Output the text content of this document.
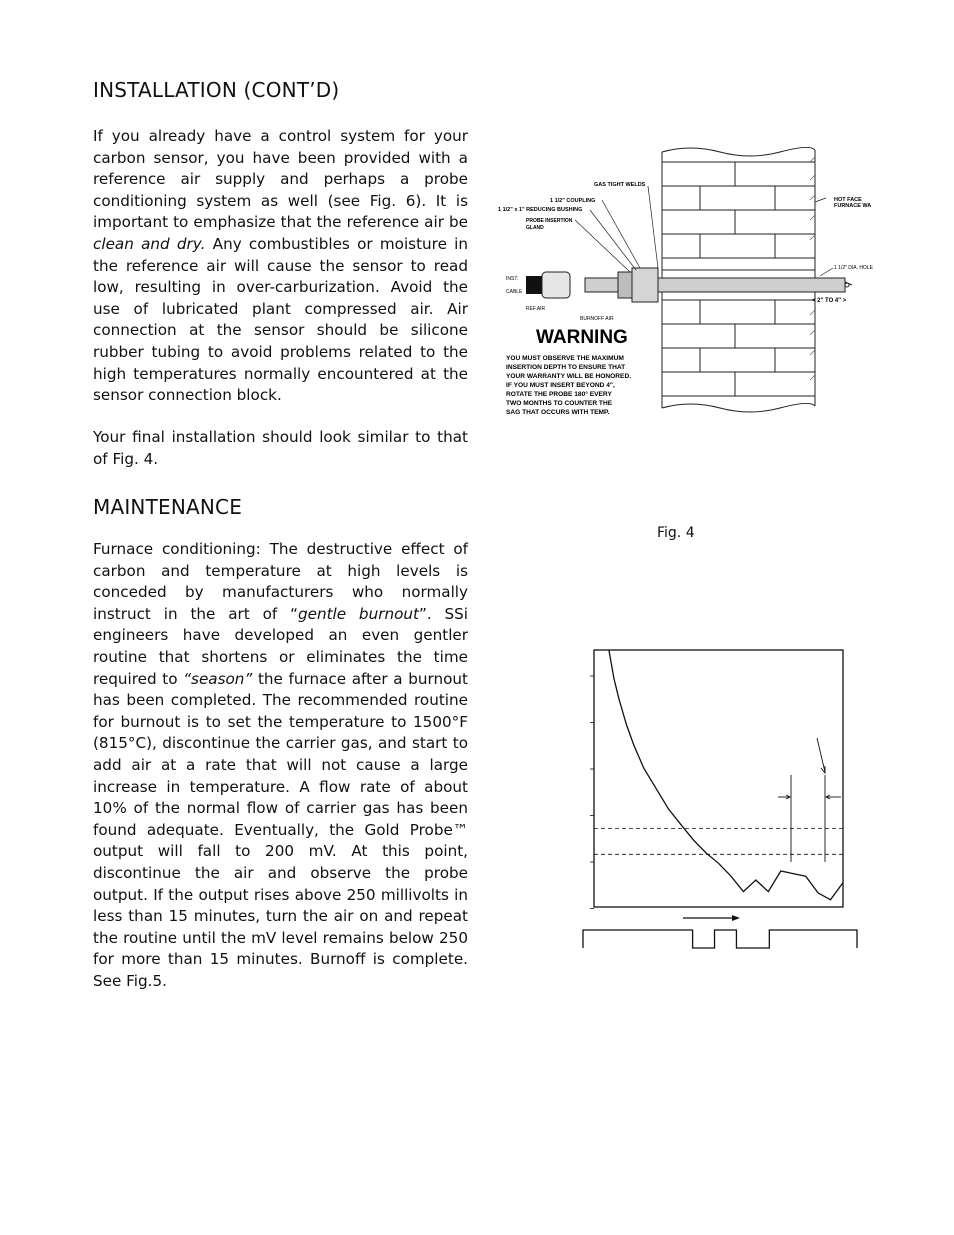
INSTALLATION (CONT’D)

If you already have a control system for your carbon sensor, you have been provided with a reference air supply and perhaps a probe conditioning system as well (see Fig. 6). It is important to emphasize that the reference air be clean and dry. Any combustibles or moisture in the reference air will cause the sensor to read low, resulting in over-carburization. Avoid the use of lubricated plant compressed air. Air connection at the sensor should be silicone rubber tubing to avoid problems related to the high temperatures normally encountered at the sensor connection block.

Your final installation should look similar to that of Fig. 4.

MAINTENANCE

Furnace conditioning: The destructive effect of carbon and temperature at high levels is conceded by manufacturers who normally instruct in the art of “gentle burnout”. SSi engineers have developed an even gentler routine that shortens or eliminates the time required to “season” the furnace after a burnout has been completed. The recommended routine for burnout is to set the temperature to 1500°F (815°C), discontinue the carrier gas, and start to add air at a rate that will not cause a large increase in temperature. A flow rate of about 10% of the normal flow of carrier gas has been found adequate. Eventually, the Gold Probe™ output will fall to 200 mV. At this point, discontinue the air and observe the probe output. If the output rises above 250 millivolts in less than 15 minutes, turn the air on and repeat the routine until the mV level remains below 250 for more than 15 minutes. Burnoff is complete. See Fig.5.

GAS TIGHT WELDS
1 1/2" COUPLING
1 1/2" x 1" REDUCING BUSHING
PROBE INSERTION
GLAND
HOT FACE
FURNACE WA
1 1/2" DIA. HOLE
INST.
CABLE
REF.AIR
BURNOFF AIR
< 2" TO 4" >
WARNING
YOU MUST OBSERVE THE MAXIMUM
INSERTION DEPTH TO ENSURE THAT
YOUR WARRANTY WILL BE HONORED.
IF YOU MUST INSERT BEYOND 4",
ROTATE THE PROBE 180° EVERY
TWO MONTHS TO COUNTER THE
SAG THAT OCCURS WITH TEMP.
Fig. 4
